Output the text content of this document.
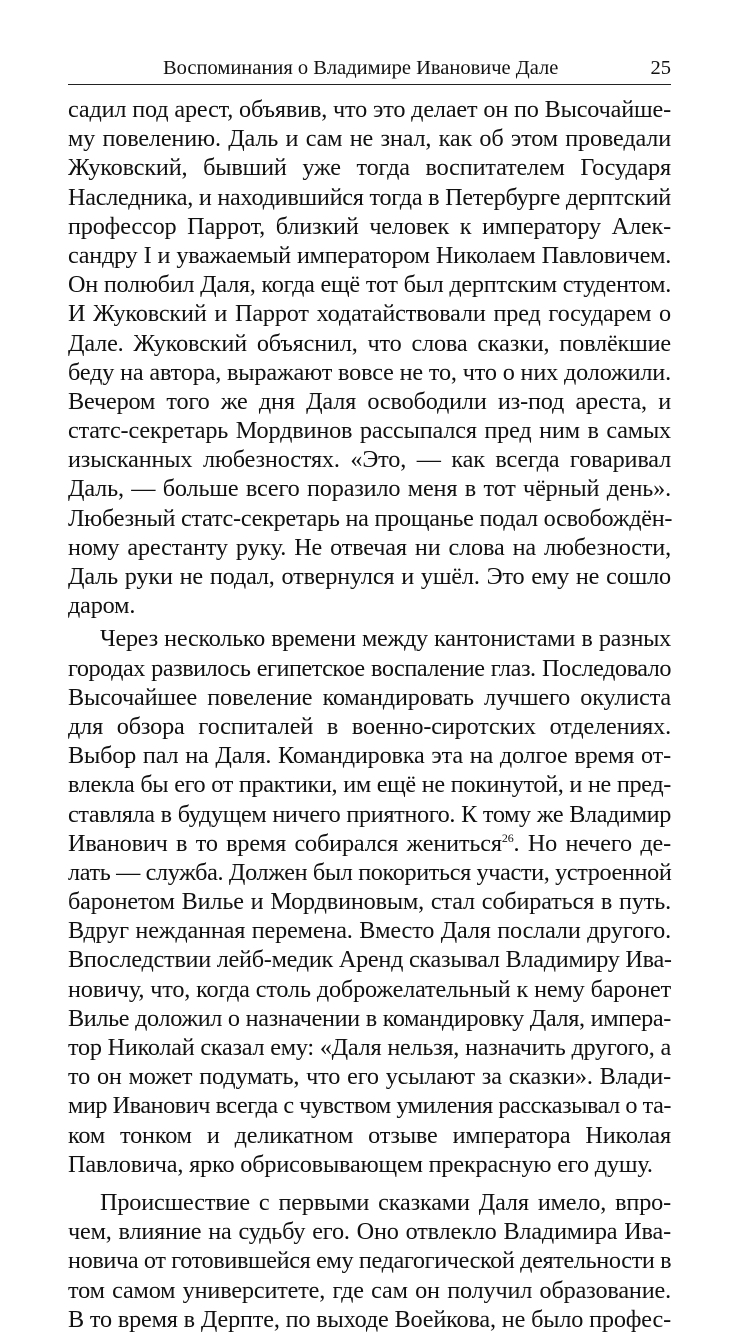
Воспоминания о Владимире Ивановиче Дале	25
садил под арест, объявив, что это делает он по Высочайше-
му повелению. Даль и сам не знал, как об этом проведали
Жуковский, бывший уже тогда воспитателем Государя
Наследника, и находившийся тогда в Петербурге дерптский
профессор Паррот, близкий человек к императору Алек-
сандру I и уважаемый императором Николаем Павловичем.
Он полюбил Даля, когда ещё тот был дерптским студентом.
И Жуковский и Паррот ходатайствовали пред государем о
Дале. Жуковский объяснил, что слова сказки, повлёкшие
беду на автора, выражают вовсе не то, что о них доложили.
Вечером того же дня Даля освободили из-под ареста, и
статс-секретарь Мордвинов рассыпался пред ним в самых
изысканных любезностях. «Это, — как всегда говаривал
Даль, — больше всего поразило меня в тот чёрный день».
Любезный статс-секретарь на прощанье подал освобождён-
ному арестанту руку. Не отвечая ни слова на любезности,
Даль руки не подал, отвернулся и ушёл. Это ему не сошло
даром.
Через несколько времени между кантонистами в разных
городах развилось египетское воспаление глаз. Последовало
Высочайшее повеление командировать лучшего окулиста
для обзора госпиталей в военно-сиротских отделениях.
Выбор пал на Даля. Командировка эта на долгое время от-
влекла бы его от практики, им ещё не покинутой, и не пред-
ставляла в будущем ничего приятного. К тому же Владимир
Иванович в то время собирался жениться$^{26}$. Но нечего де-
лать — служба. Должен был покориться участи, устроенной
баронетом Вилье и Мордвиновым, стал собираться в путь.
Вдруг нежданная перемена. Вместо Даля послали другого.
Впоследствии лейб-медик Аренд сказывал Владимиру Ива-
новичу, что, когда столь доброжелательный к нему баронет
Вилье доложил о назначении в командировку Даля, импера-
тор Николай сказал ему: «Даля нельзя, назначить другого, а
то он может подумать, что его усылают за сказки». Влади-
мир Иванович всегда с чувством умиления рассказывал о та-
ком тонком и деликатном отзыве императора Николая
Павловича, ярко обрисовывающем прекрасную его душу.
Происшествие с первыми сказками Даля имело, впро-
чем, влияние на судьбу его. Оно отвлекло Владимира Ива-
новича от готовившейся ему педагогической деятельности в
том самом университете, где сам он получил образование.
В то время в Дерпте, по выходе Воейкова, не было профес-
